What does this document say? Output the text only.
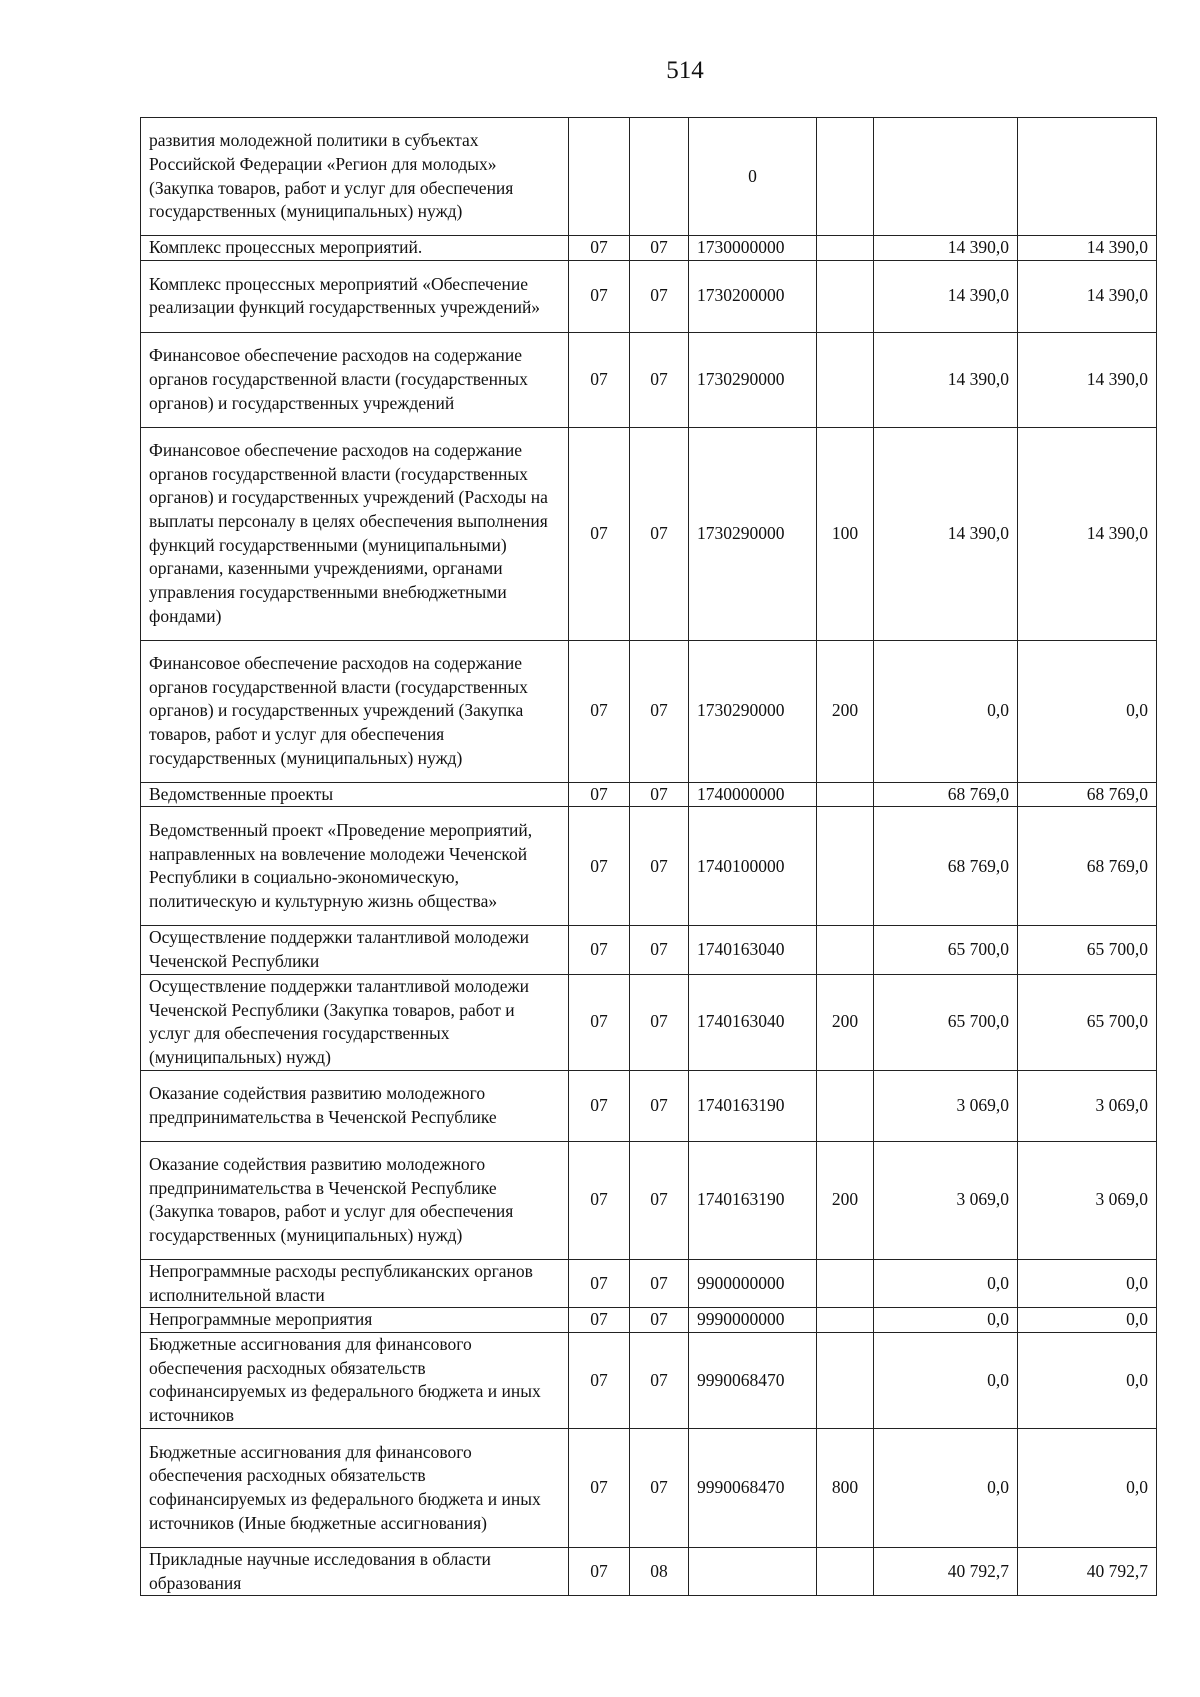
514
развития молодежной политики в субъектах Российской Федерации «Регион для молодых» (Закупка товаров, работ и услуг для обеспечения государственных (муниципальных) нужд)			0			
Комплекс процессных мероприятий.	07	07	1730000000		14 390,0	14 390,0
Комплекс процессных мероприятий «Обеспечение реализации функций государственных учреждений»	07	07	1730200000		14 390,0	14 390,0
Финансовое обеспечение расходов на содержание органов государственной власти (государственных органов) и государственных учреждений	07	07	1730290000		14 390,0	14 390,0
Финансовое обеспечение расходов на содержание органов государственной власти (государственных органов) и государственных учреждений (Расходы на выплаты персоналу в целях обеспечения выполнения функций государственными (муниципальными) органами, казенными учреждениями, органами управления государственными внебюджетными фондами)	07	07	1730290000	100	14 390,0	14 390,0
Финансовое обеспечение расходов на содержание органов государственной власти (государственных органов) и государственных учреждений (Закупка товаров, работ и услуг для обеспечения государственных (муниципальных) нужд)	07	07	1730290000	200	0,0	0,0
Ведомственные проекты	07	07	1740000000		68 769,0	68 769,0
Ведомственный проект «Проведение мероприятий, направленных на вовлечение молодежи Чеченской Республики в социально-экономическую, политическую и культурную жизнь общества»	07	07	1740100000		68 769,0	68 769,0
Осуществление поддержки талантливой молодежи Чеченской Республики	07	07	1740163040		65 700,0	65 700,0
Осуществление поддержки талантливой молодежи Чеченской Республики (Закупка товаров, работ и услуг для обеспечения государственных (муниципальных) нужд)	07	07	1740163040	200	65 700,0	65 700,0
Оказание содействия развитию молодежного предпринимательства в Чеченской Республике	07	07	1740163190		3 069,0	3 069,0
Оказание содействия развитию молодежного предпринимательства в Чеченской Республике (Закупка товаров, работ и услуг для обеспечения государственных (муниципальных) нужд)	07	07	1740163190	200	3 069,0	3 069,0
Непрограммные расходы республиканских органов исполнительной власти	07	07	9900000000		0,0	0,0
Непрограммные мероприятия	07	07	9990000000		0,0	0,0
Бюджетные ассигнования для финансового обеспечения расходных обязательств софинансируемых из федерального бюджета и иных источников	07	07	9990068470		0,0	0,0
Бюджетные ассигнования для финансового обеспечения расходных обязательств софинансируемых из федерального бюджета и иных источников (Иные бюджетные ассигнования)	07	07	9990068470	800	0,0	0,0
Прикладные научные исследования в области образования	07	08			40 792,7	40 792,7
